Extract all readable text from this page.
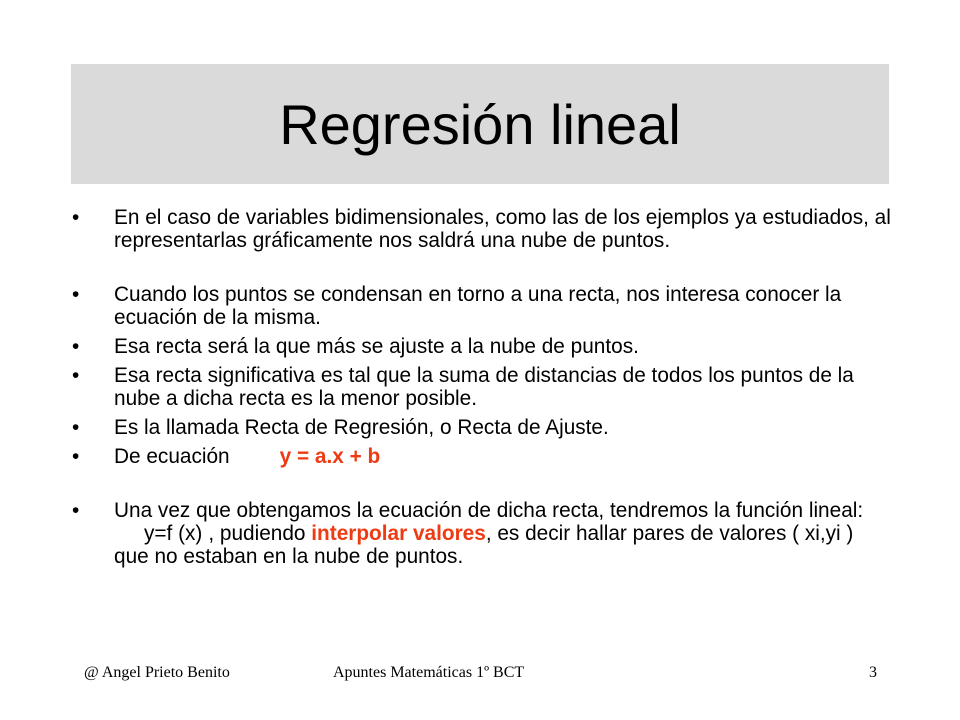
Regresión lineal
• En el caso de variables bidimensionales, como las de los ejemplos ya estudiados, al representarlas gráficamente nos saldrá una nube de puntos.
• Cuando los puntos se condensan en torno a una recta, nos interesa conocer la ecuación de la misma.
• Esa recta será la que más se ajuste a la nube de puntos.
• Esa recta significativa es tal que la suma de distancias de todos los puntos de la nube a dicha recta es la menor posible.
• Es la llamada Recta de Regresión, o Recta de Ajuste.
• De ecuación y = a.x + b
• Una vez que obtengamos la ecuación de dicha recta, tendremos la función lineal:y=f (x) , pudiendo interpolar valores, es decir hallar pares de valores ( xi,yi ) que no estaban en la nube de puntos.
@ Angel Prieto Benito	Apuntes Matemáticas 1º BCT	3
